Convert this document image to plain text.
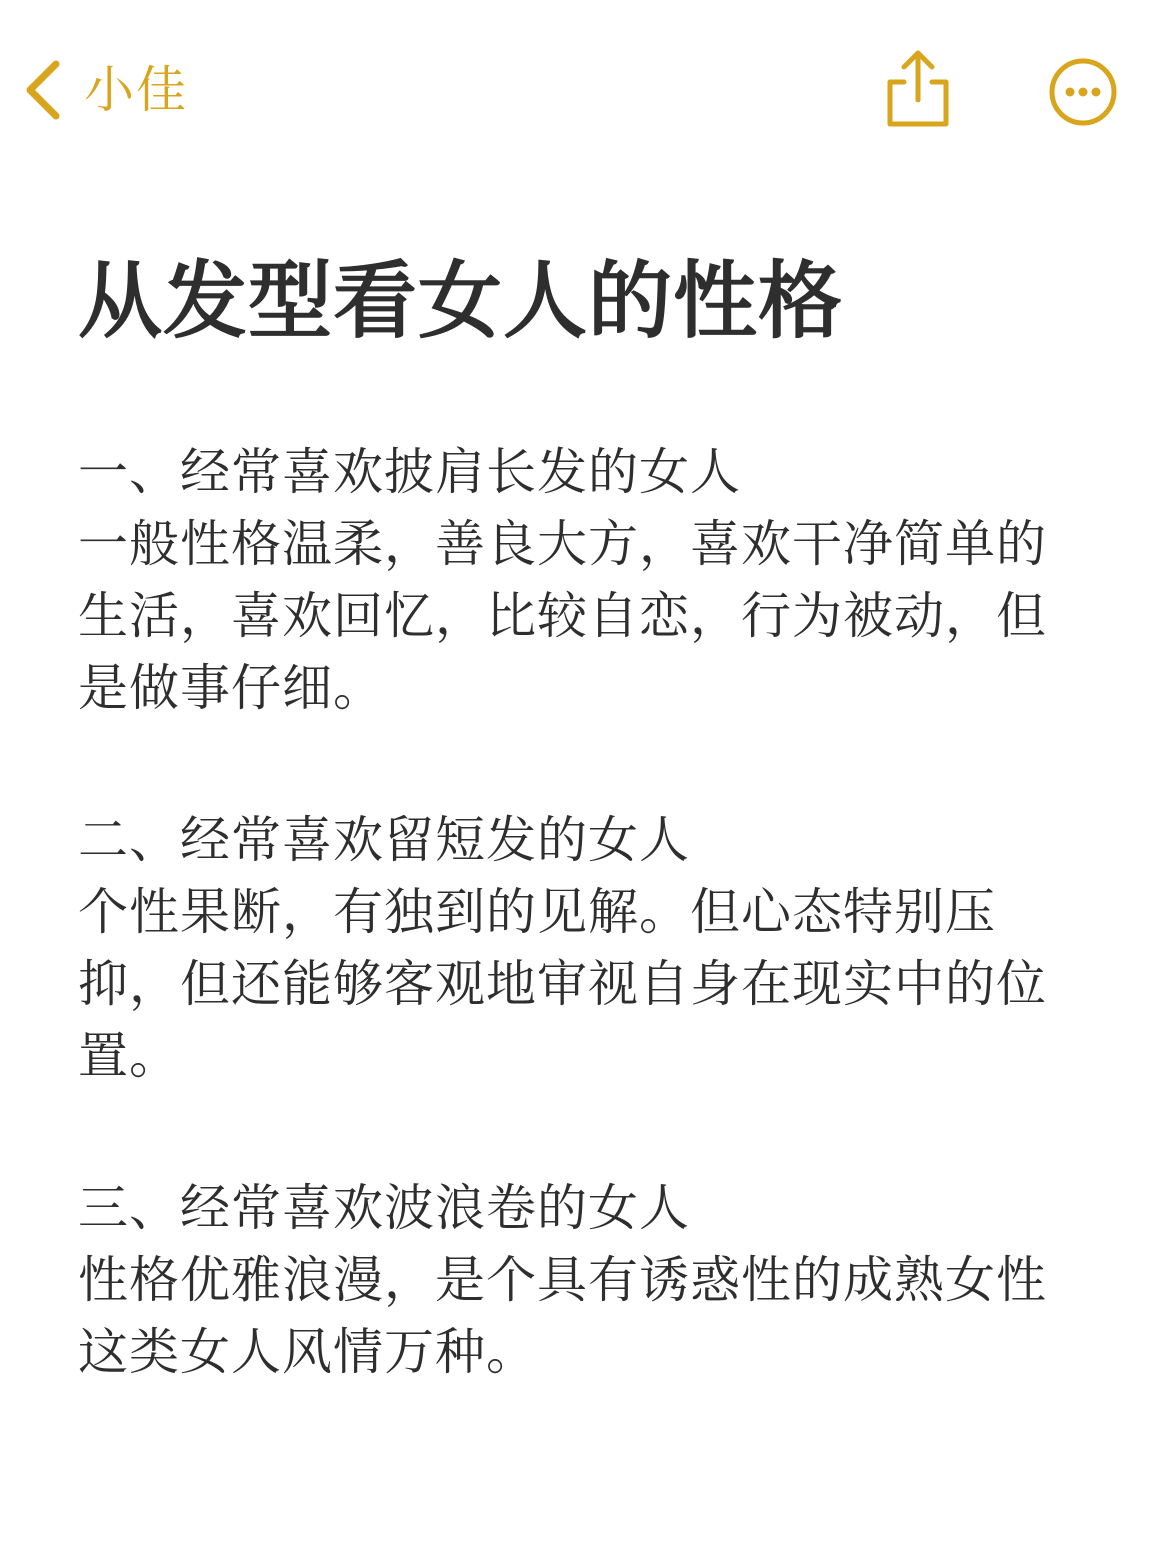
小佳
从发型看女人的性格

一、经常喜欢披肩长发的女人

一般性格温柔，善良大方，喜欢干净简单的生活，喜欢回忆，比较自恋，行为被动，但是做事仔细。

二、经常喜欢留短发的女人

个性果断，有独到的见解。但心态特别压抑，但还能够客观地审视自身在现实中的位置。

三、经常喜欢波浪卷的女人

性格优雅浪漫，是个具有诱惑性的成熟女性这类女人风情万种。
